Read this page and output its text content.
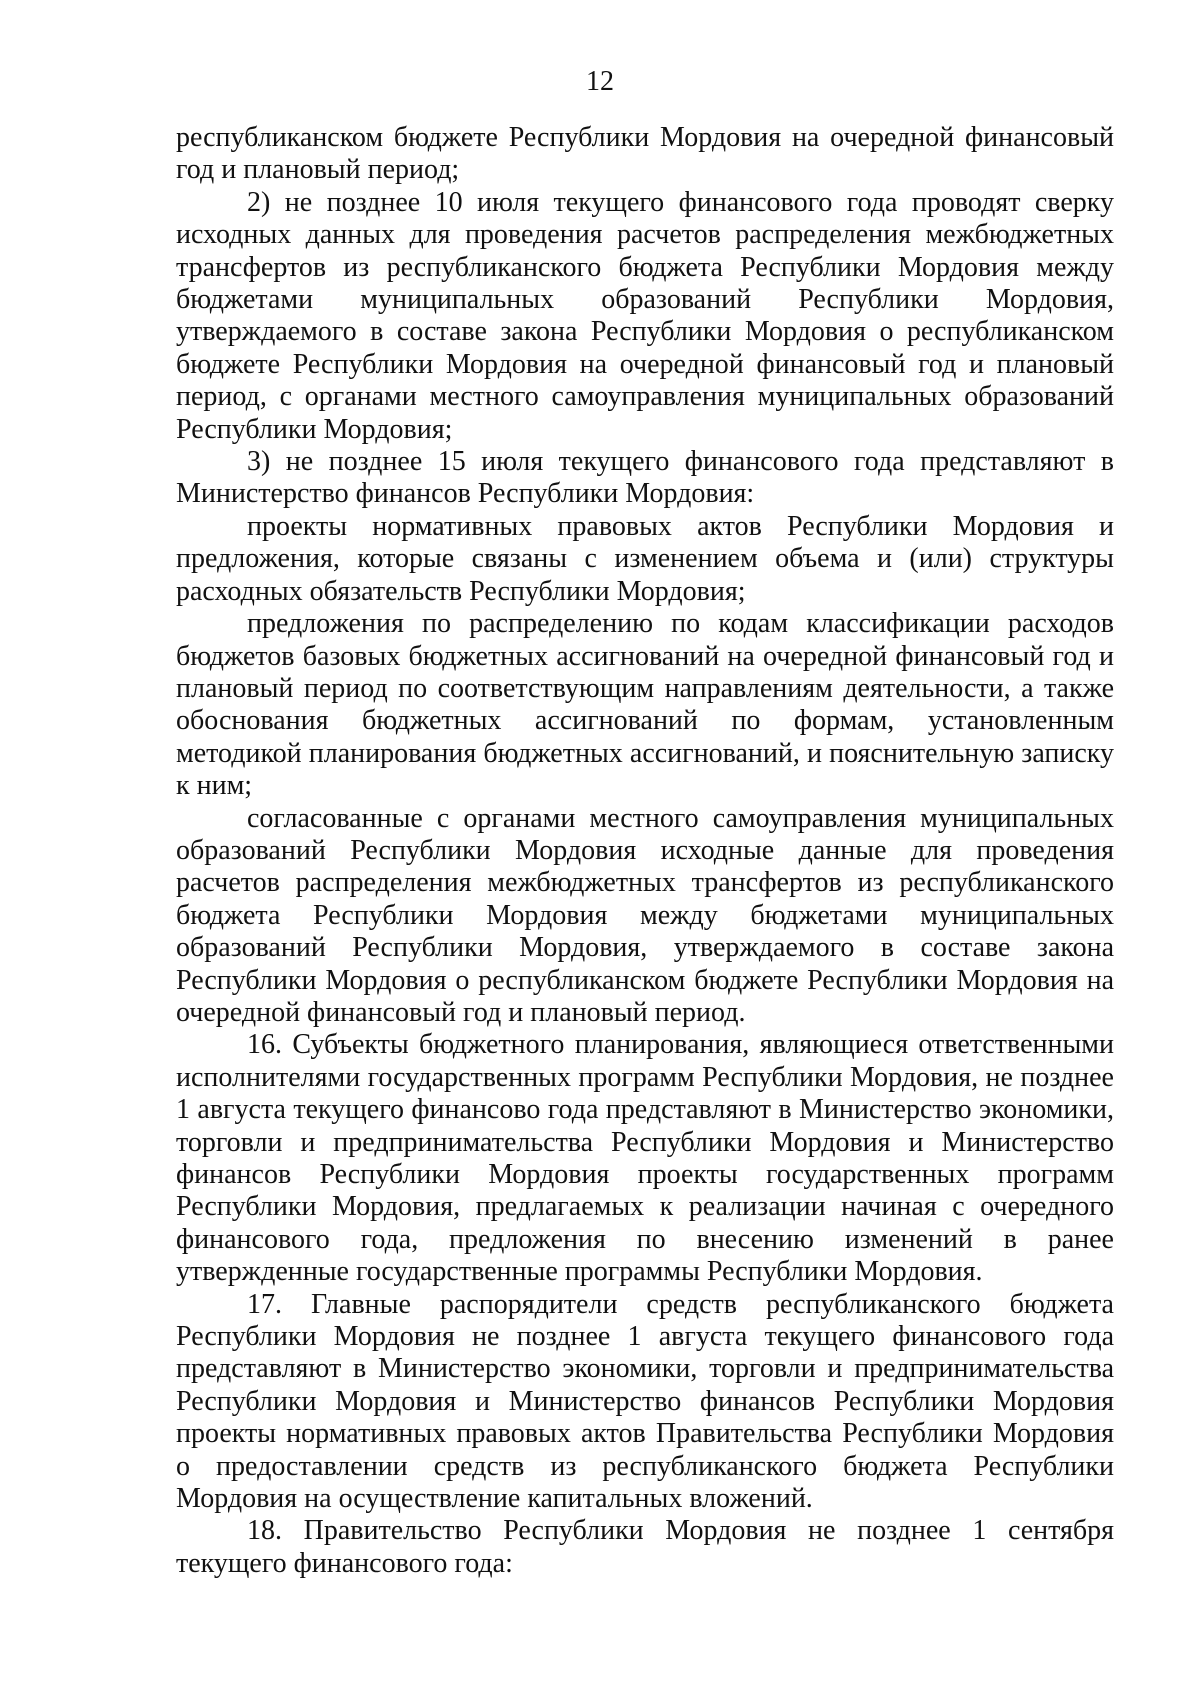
12

республиканском бюджете Республики Мордовия на очередной финансовый год и плановый период;

2) не позднее 10 июля текущего финансового года проводят сверку исходных данных для проведения расчетов распределения межбюджетных трансфертов из республиканского бюджета Республики Мордовия между бюджетами муниципальных образований Республики Мордовия, утверждаемого в составе закона Республики Мордовия о республиканском бюджете Республики Мордовия на очередной финансовый год и плановый период, с органами местного самоуправления муниципальных образований Республики Мордовия;

3) не позднее 15 июля текущего финансового года представляют в Министерство финансов Республики Мордовия:

проекты нормативных правовых актов Республики Мордовия и предложения, которые связаны с изменением объема и (или) структуры расходных обязательств Республики Мордовия;

предложения по распределению по кодам классификации расходов бюджетов базовых бюджетных ассигнований на очередной финансовый год и плановый период по соответствующим направлениям деятельности, а также обоснования бюджетных ассигнований по формам, установленным методикой планирования бюджетных ассигнований, и пояснительную записку к ним;

согласованные с органами местного самоуправления муниципальных образований Республики Мордовия исходные данные для проведения расчетов распределения межбюджетных трансфертов из республиканского бюджета Республики Мордовия между бюджетами муниципальных образований Республики Мордовия, утверждаемого в составе закона Республики Мордовия о республиканском бюджете Республики Мордовия на очередной финансовый год и плановый период.

16. Субъекты бюджетного планирования, являющиеся ответственными исполнителями государственных программ Республики Мордовия, не позднее 1 августа текущего финансово года представляют в Министерство экономики, торговли и предпринимательства Республики Мордовия и Министерство финансов Республики Мордовия проекты государственных программ Республики Мордовия, предлагаемых к реализации начиная с очередного финансового года, предложения по внесению изменений в ранее утвержденные государственные программы Республики Мордовия.

17. Главные распорядители средств республиканского бюджета Республики Мордовия не позднее 1 августа текущего финансового года представляют в Министерство экономики, торговли и предпринимательства Республики Мордовия и Министерство финансов Республики Мордовия проекты нормативных правовых актов Правительства Республики Мордовия о предоставлении средств из республиканского бюджета Республики Мордовия на осуществление капитальных вложений.

18. Правительство Республики Мордовия не позднее 1 сентября текущего финансового года:
